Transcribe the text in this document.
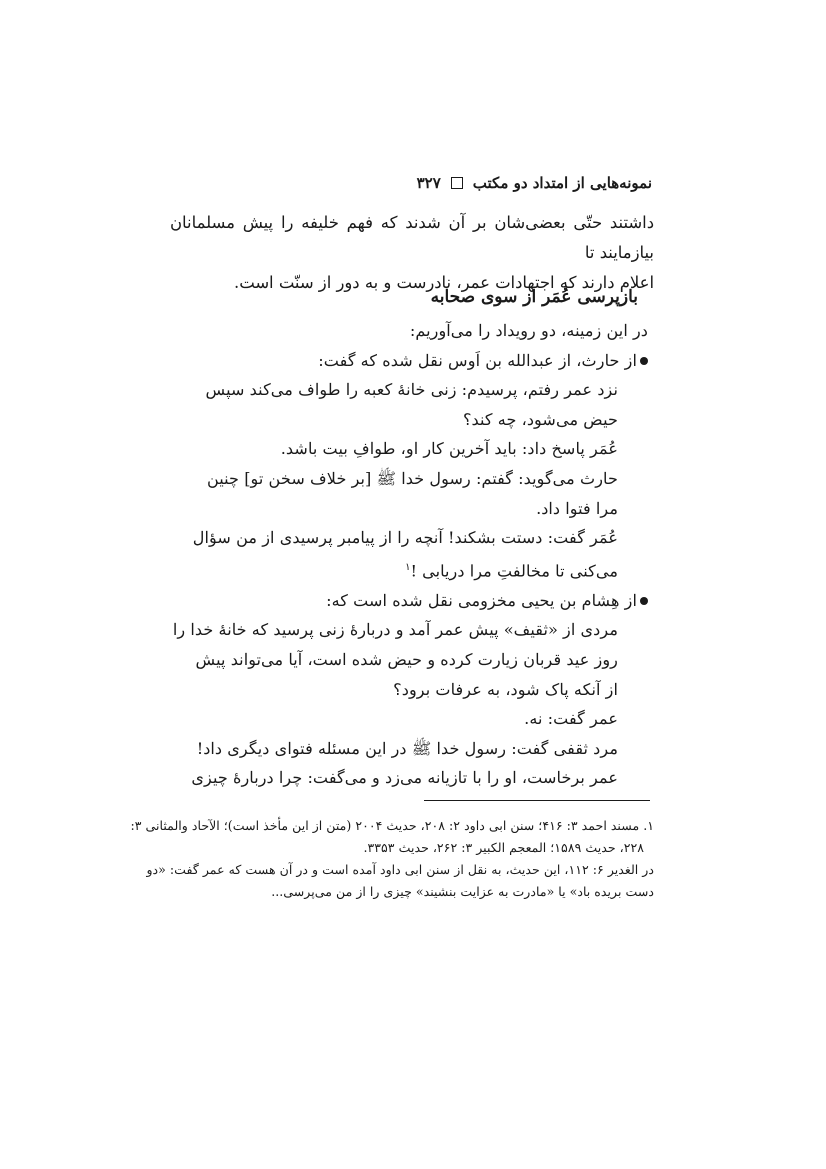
نمونه‌هایی از امتداد دو مکتب
۳۲۷
داشتند حتّی بعضی‌شان بر آن شدند که فهم خلیفه را پیش مسلمانان بیازمایند تا
اعلام دارند که اجتهادات عمر، نادرست و به دور از سنّت است.
بازپرسی عُمَر از سوی صحابه
در این زمینه، دو رویداد را می‌آوریم:
از حارث، از عبدالله بن اَوس نقل شده که گفت:
نزد عمر رفتم، پرسیدم: زنی خانهٔ کعبه را طواف می‌کند سپس
حیض می‌شود، چه کند؟
عُمَر پاسخ داد: باید آخرین کار او، طوافِ بیت باشد.
حارث می‌گوید: گفتم: رسول خدا ﷺ [بر خلاف سخن تو] چنین
مرا فتوا داد.
عُمَر گفت: دستت بشکند! آنچه را از پیامبر پرسیدی از من سؤال
می‌کنی تا مخالفتِ مرا دریابی !$^۱$
از هِشام بن یحیی مخزومی نقل شده است که:
مردی از «ثقیف» پیش عمر آمد و دربارهٔ زنی پرسید که خانهٔ خدا را
روز عید قربان زیارت کرده و حیض شده است، آیا می‌تواند پیش
از آنکه پاک شود، به عرفات برود؟
عمر گفت: نه.
مرد ثقفی گفت: رسول خدا ﷺ در این مسئله فتوای دیگری داد!
عمر برخاست، او را با تازیانه می‌زد و می‌گفت: چرا دربارهٔ چیزی
۱. مسند احمد ۳: ۴۱۶؛ سنن ابی داود ۲: ۲۰۸، حدیث ۲۰۰۴ (متن از این مأخذ است)؛ الآحاد والمثانی ۳:
۲۲۸، حدیث ۱۵۸۹؛ المعجم الکبیر ۳: ۲۶۲، حدیث ۳۳۵۳.
در الغدیر ۶: ۱۱۲، این حدیث، به نقل از سنن ابی داود آمده است و در آن هست که عمر گفت: «دو
دست بریده باد» یا «مادرت به عزایت بنشیند» چیزی را از من می‌پرسی...
